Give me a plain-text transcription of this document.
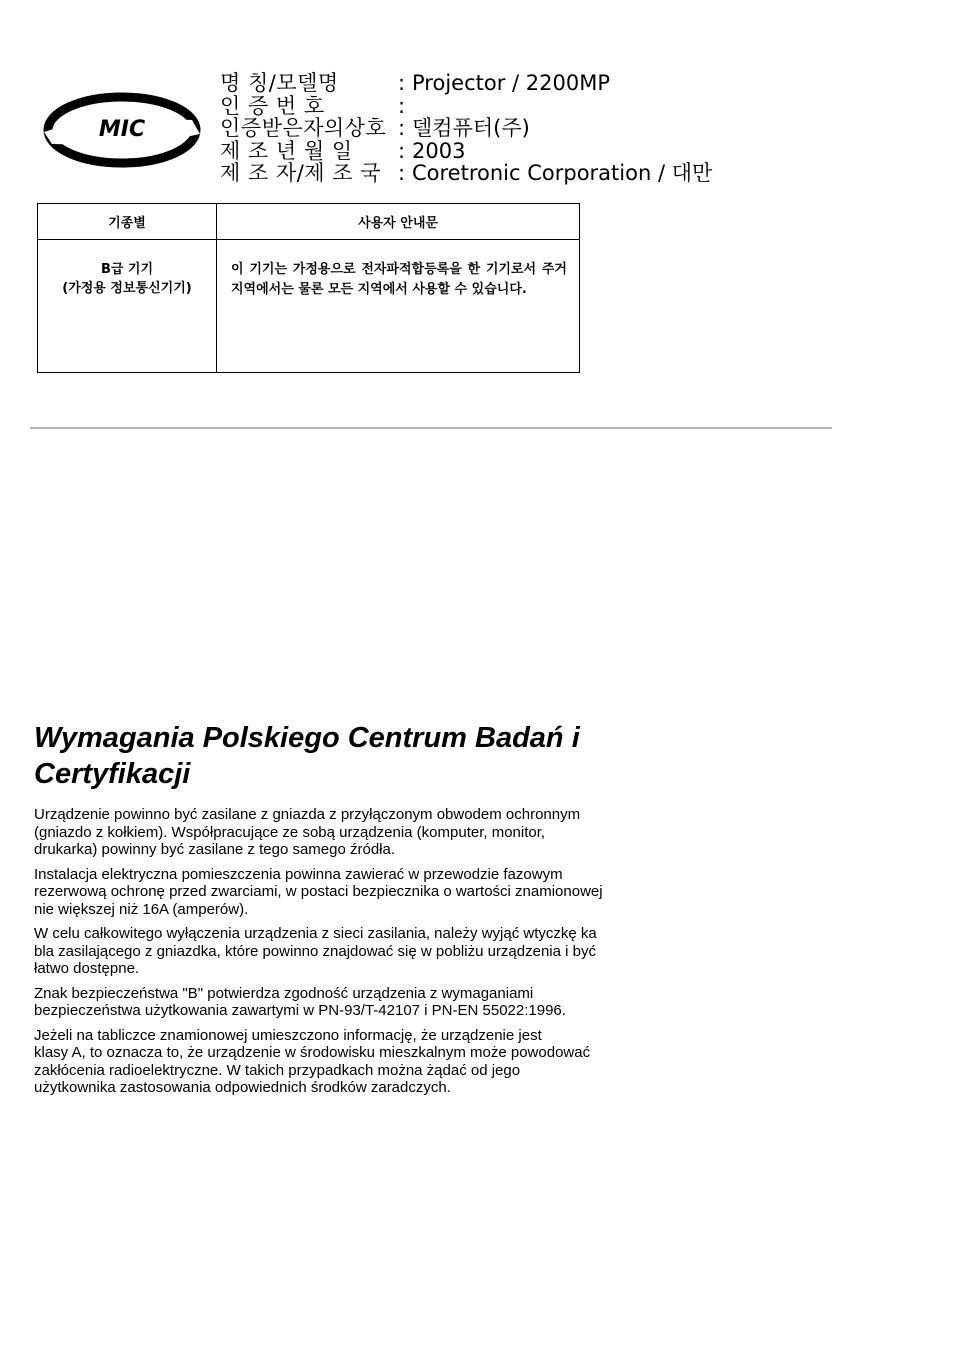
MIC
명 칭/모델명	: Projector / 2200MP
인 증 번 호	:
인증받은자의상호 : 델컴퓨터(주)
제 조 년 월 일	: 2003
제 조 자/제 조 국 : Coretronic Corporation / 대만
기종별	사용자 안내문

B급 기기
(가정용 정보통신기기)	이 기기는 가정용으로 전자파적합등록을 한 기기로서 주거지역에서는 물론 모든 지역에서 사용할 수 있습니다.
Wymagania Polskiego Centrum Badań i Certyfikacji

Urządzenie powinno być zasilane z gniazda z przyłączonym obwodem ochronnym
(gniazdo z kołkiem). Współpracujące ze sobą urządzenia (komputer, monitor,
drukarka) powinny być zasilane z tego samego źródła.

Instalacja elektryczna pomieszczenia powinna zawierać w przewodzie fazowym
rezerwową ochronę przed zwarciami, w postaci bezpiecznika o wartości znamionowej
nie większej niż 16A (amperów).

W celu całkowitego wyłączenia urządzenia z sieci zasilania, należy wyjąć wtyczkę ka
bla zasilającego z gniazdka, które powinno znajdować się w pobliżu urządzenia i być
łatwo dostępne.

Znak bezpieczeństwa "B" potwierdza zgodność urządzenia z wymaganiami
bezpieczeństwa użytkowania zawartymi w PN-93/T-42107 i PN-EN 55022:1996.

Jeżeli na tabliczce znamionowej umieszczono informację, że urządzenie jest
klasy A, to oznacza to, że urządzenie w środowisku mieszkalnym może powodować
zakłócenia radioelektryczne. W takich przypadkach można żądać od jego
użytkownika zastosowania odpowiednich środków zaradczych.
